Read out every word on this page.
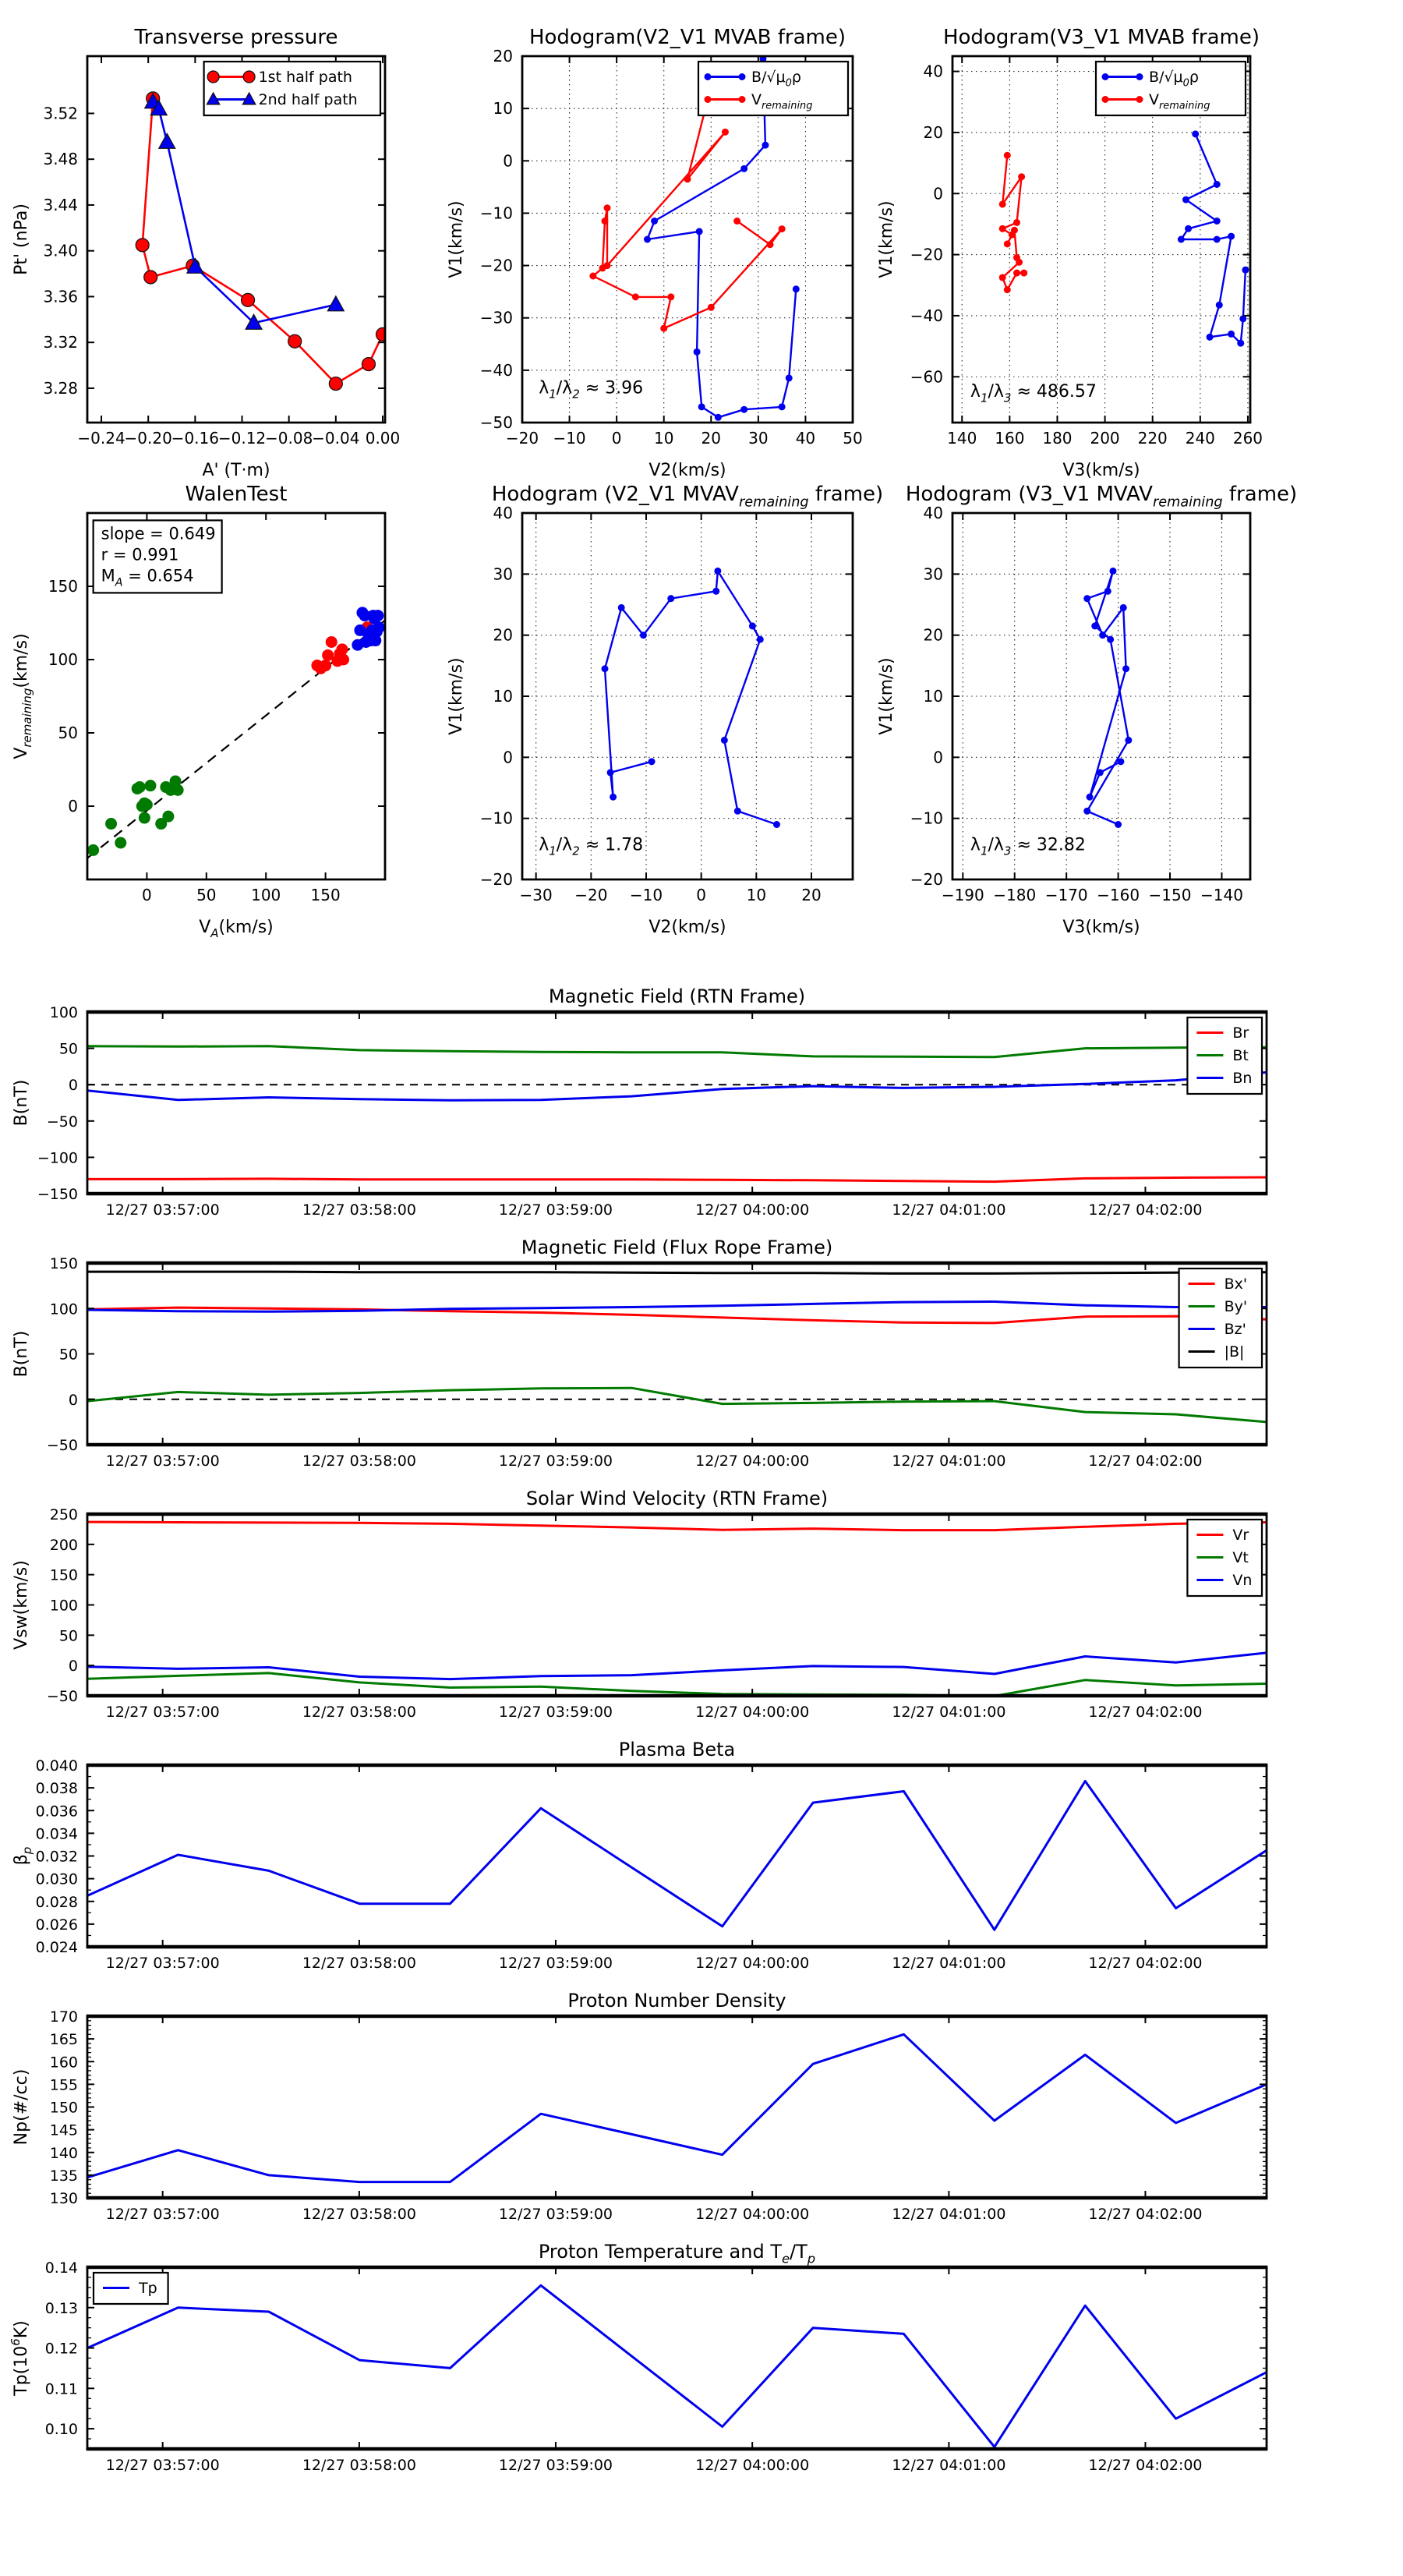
−0.24
−0.20
−0.16
−0.12
−0.08
−0.04 0.00
3.28
3.32
3.36
3.40
3.44
3.48
3.52
Transverse pressure
A' (T·m)
Pt' (nPa)
1st half path
2nd half path
−20 −10 0 10 20 30 40 50
−50
−40
−30
−20
−10
0
10
20
Hodogram(V2_V1 MVAB frame)
V2(km/s)
V1(km/s)
$B/√\mu_0\rho$
$V_{remaining}$
$\lambda_1/\lambda_2 \approx 3.96$
140 160 180 200 220 240 260
−60
−40
−20
0
20
40
Hodogram(V3_V1 MVAB frame)
V3(km/s)
V1(km/s)
$B/√\mu_0\rho$
$V_{remaining}$
$\lambda_1/\lambda_3 \approx 486.57$
0	50 100 150
0
50
100
150
WalenTest
$V_A(km/s)$
$V_{remaining}(km/s)$
slope = 0.649
r = 0.991
$M_A = 0.654$
−30 −20 −10 0	10 20
−20
−10
0
10
20
30
40
Hodogram (V2_V1 $MVAV_{remaining}$ frame)
V2(km/s)
V1(km/s)
$\lambda_1/\lambda_2 \approx 1.78$
−190 −180 −170 −160 −150 −140
−20
−10
0
10
20
30
40
Hodogram (V3_V1 $MVAV_{remaining}$ frame)
V3(km/s)
V1(km/s)
$\lambda_1/\lambda_3 \approx 32.82$
12/27 03:57:00	12/27 03:58:00	12/27 03:59:00	12/27 04:00:00	12/27 04:01:00	12/27 04:02:00
−150
−100
−50
0
50
100
Magnetic Field (RTN Frame)
B(nT)
Br
Bt
Bn
12/27 03:57:00	12/27 03:58:00	12/27 03:59:00	12/27 04:00:00	12/27 04:01:00	12/27 04:02:00
−50
0
50
100
150
Magnetic Field (Flux Rope Frame)
B(nT)
Bx'
By'
Bz'
|B|
12/27 03:57:00	12/27 03:58:00	12/27 03:59:00	12/27 04:00:00	12/27 04:01:00	12/27 04:02:00
−50
0
50
100
150
200
250
Solar Wind Velocity (RTN Frame)
Vsw(km/s)
Vr
Vt
Vn
12/27 03:57:00	12/27 03:58:00	12/27 03:59:00	12/27 04:00:00	12/27 04:01:00	12/27 04:02:00
0.024
0.026
0.028
0.030
0.032
0.034
0.036
0.038
0.040
Plasma Beta
$\beta_p$
12/27 03:57:00	12/27 03:58:00	12/27 03:59:00	12/27 04:00:00	12/27 04:01:00	12/27 04:02:00
130
135
140
145
150
155
160
165
170
Proton Number Density
Np(#/cc)
12/27 03:57:00	12/27 03:58:00	12/27 03:59:00	12/27 04:00:00	12/27 04:01:00	12/27 04:02:00
0.10
0.11
0.12
0.13
0.14
Proton Temperature and $T_e/T_p$
$Tp(10^6K)$
Tp
